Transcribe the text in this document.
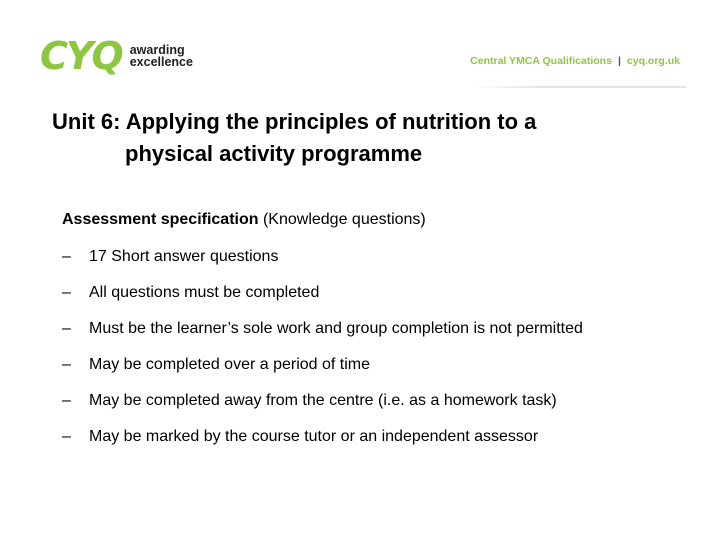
CYQ awarding
excellence	Central YMCA Qualifications | cyq.org.uk
Unit 6: Applying the principles of nutrition to a
physical activity programme
Assessment specification (Knowledge questions)
–	17 Short answer questions
–	All questions must be completed
–	Must be the learner’s sole work and group completion is not permitted
–	May be completed over a period of time
–	May be completed away from the centre (i.e. as a homework task)
–	May be marked by the course tutor or an independent assessor
